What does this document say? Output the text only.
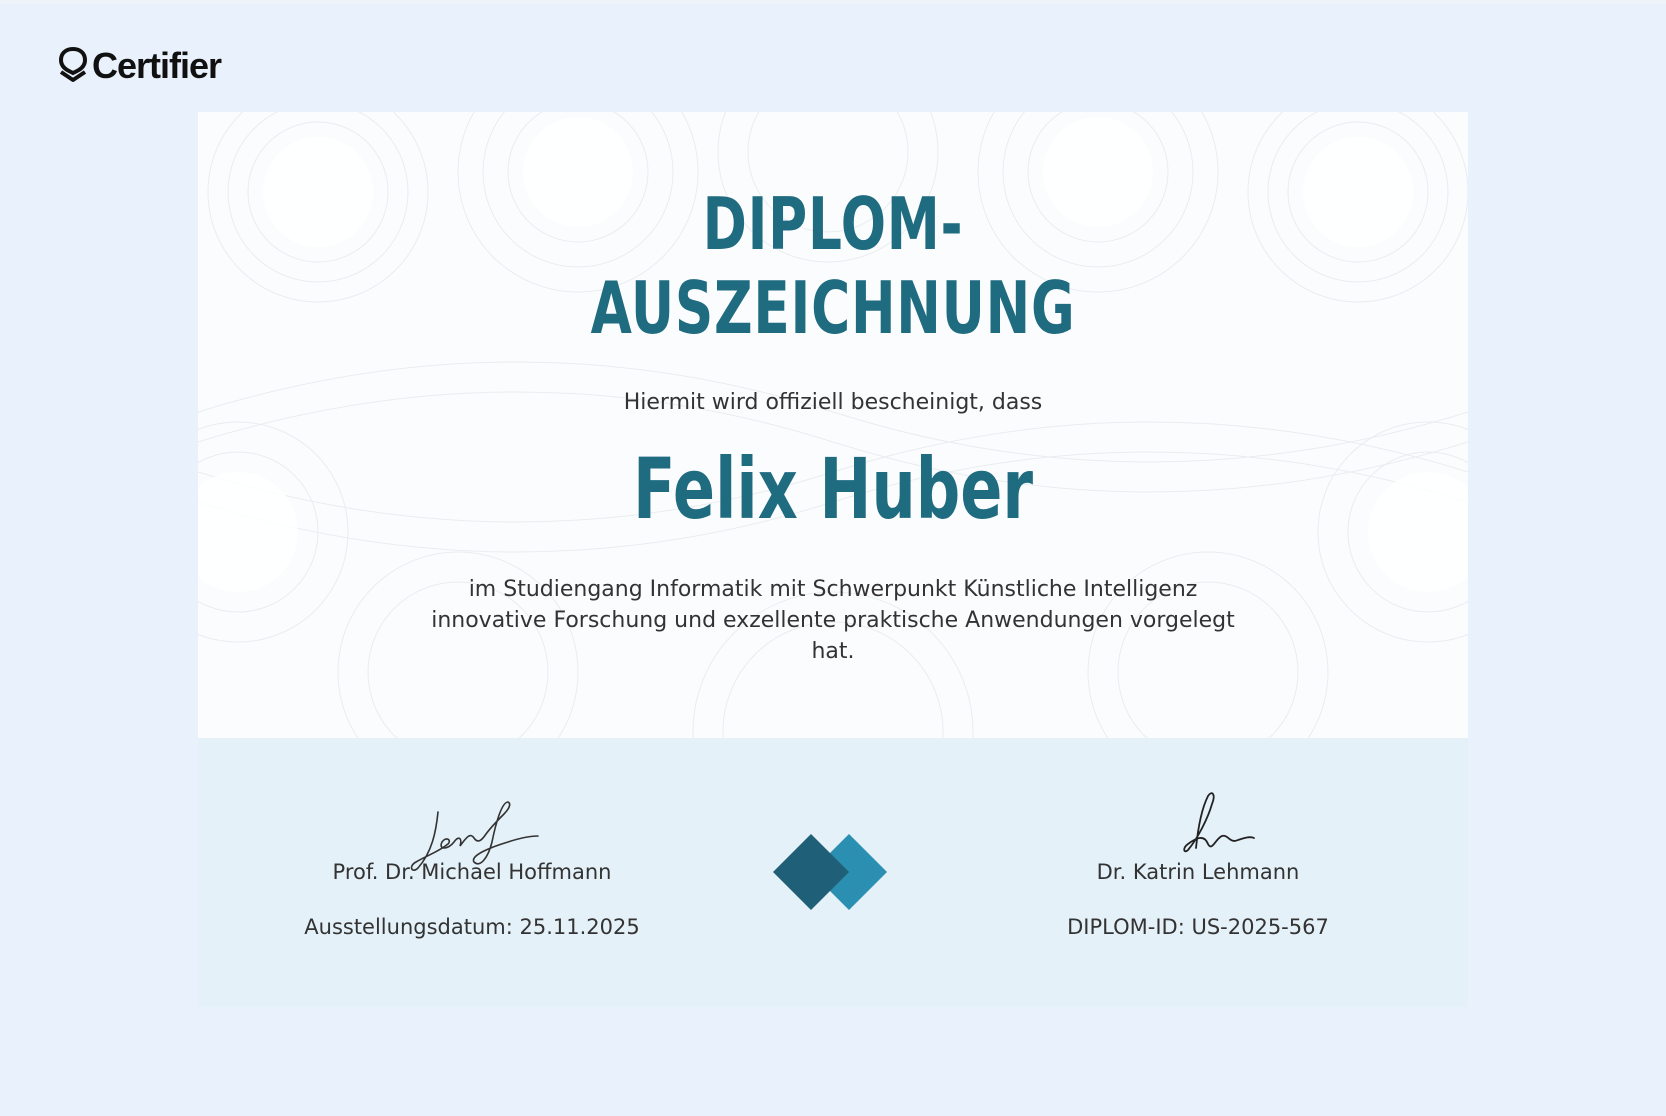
Certifier
DIPLOM-
AUSZEICHNUNG
Hiermit wird offiziell bescheinigt, dass
Felix Huber
im Studiengang Informatik mit Schwerpunkt Künstliche Intelligenz innovative Forschung und exzellente praktische Anwendungen vorgelegt hat.
Prof. Dr. Michael Hoffmann	Dr. Katrin Lehmann
Ausstellungsdatum: 25.11.2025	DIPLOM-ID: US-2025-567
